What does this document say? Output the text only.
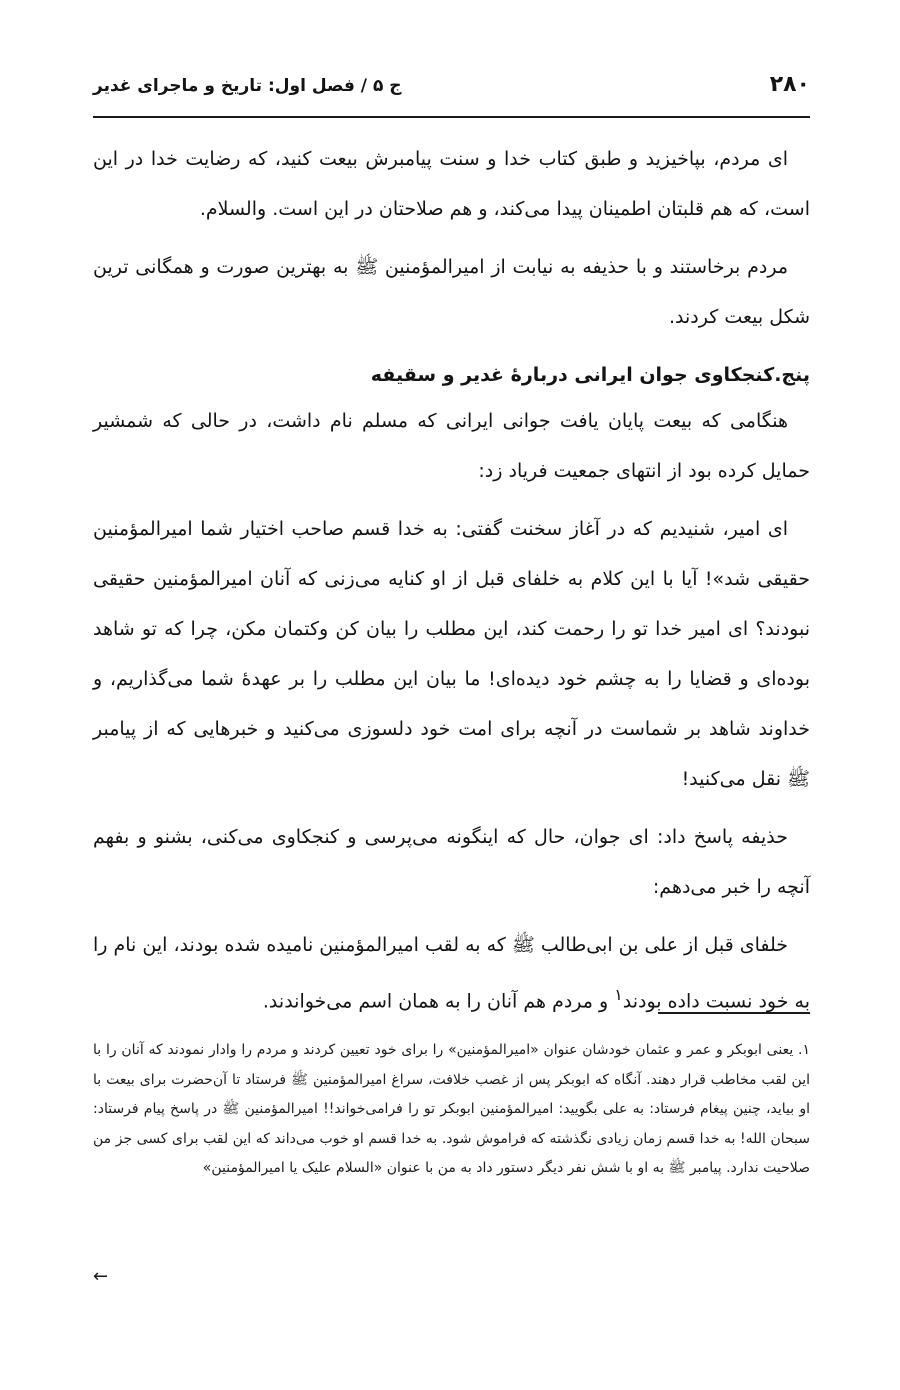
۲۸۰
ج ۵ / فصل اول: تاریخ و ماجرای غدیر

ای مردم، بپاخیزید و طبق کتاب خدا و سنت پیامبرش بیعت کنید، که رضایت خدا در این است، که هم قلبتان اطمینان پیدا می‌کند، و هم صلاحتان در این است. والسلام.

مردم برخاستند و با حذیفه به نیابت از امیرالمؤمنین ﷺ به بهترین صورت و همگانی ترین شکل بیعت کردند.

پنج.کنجکاوی جوان ایرانی دربارهٔ غدیر و سقیفه

هنگامی که بیعت پایان یافت جوانی ایرانی که مسلم نام داشت، در حالی که شمشیر حمایل کرده بود از انتهای جمعیت فریاد زد:

ای امیر، شنیدیم که در آغاز سخنت گفتی: به خدا قسم صاحب اختیار شما امیرالمؤمنین حقیقی شد»! آیا با این کلام به خلفای قبل از او کنایه می‌زنی که آنان امیرالمؤمنین حقیقی نبودند؟ ای امیر خدا تو را رحمت کند، این مطلب را بیان کن وکتمان مکن، چرا که تو شاهد بوده‌ای و قضایا را به چشم خود دیده‌ای! ما بیان این مطلب را بر عهدهٔ شما می‌گذاریم، و خداوند شاهد بر شماست در آنچه برای امت خود دلسوزی می‌کنید و خبرهایی که از پیامبر ﷺ نقل می‌کنید!

حذیفه پاسخ داد: ای جوان، حال که اینگونه می‌پرسی و کنجکاوی می‌کنی، بشنو و بفهم آنچه را خبر می‌دهم:

خلفای قبل از علی بن ابی‌طالب ﷺ که به لقب امیرالمؤمنین نامیده شده بودند، این نام را به خود نسبت داده بودند$^۱$ و مردم هم آنان را به همان اسم می‌خواندند.

۱. یعنی ابوبکر و عمر و عثمان خودشان عنوان «امیرالمؤمنین» را برای خود تعیین کردند و مردم را وادار نمودند که آنان را با این لقب مخاطب قرار دهند. آنگاه که ابوبکر پس از غصب خلافت، سراغ امیرالمؤمنین ﷺ فرستاد تا آن‌حضرت برای بیعت با او بیاید، چنین پیغام فرستاد: به علی بگویید: امیرالمؤمنین ابوبکر تو را فرامی‌خواند!! امیرالمؤمنین ﷺ در پاسخ پیام فرستاد: سبحان الله! به خدا قسم زمان زیادی نگذشته که فراموش شود. به خدا قسم او خوب می‌داند که این لقب برای کسی جز من صلاحیت ندارد. پیامبر ﷺ به او با شش نفر دیگر دستور داد به من با عنوان «السلام علیک یا امیرالمؤمنین»

←
